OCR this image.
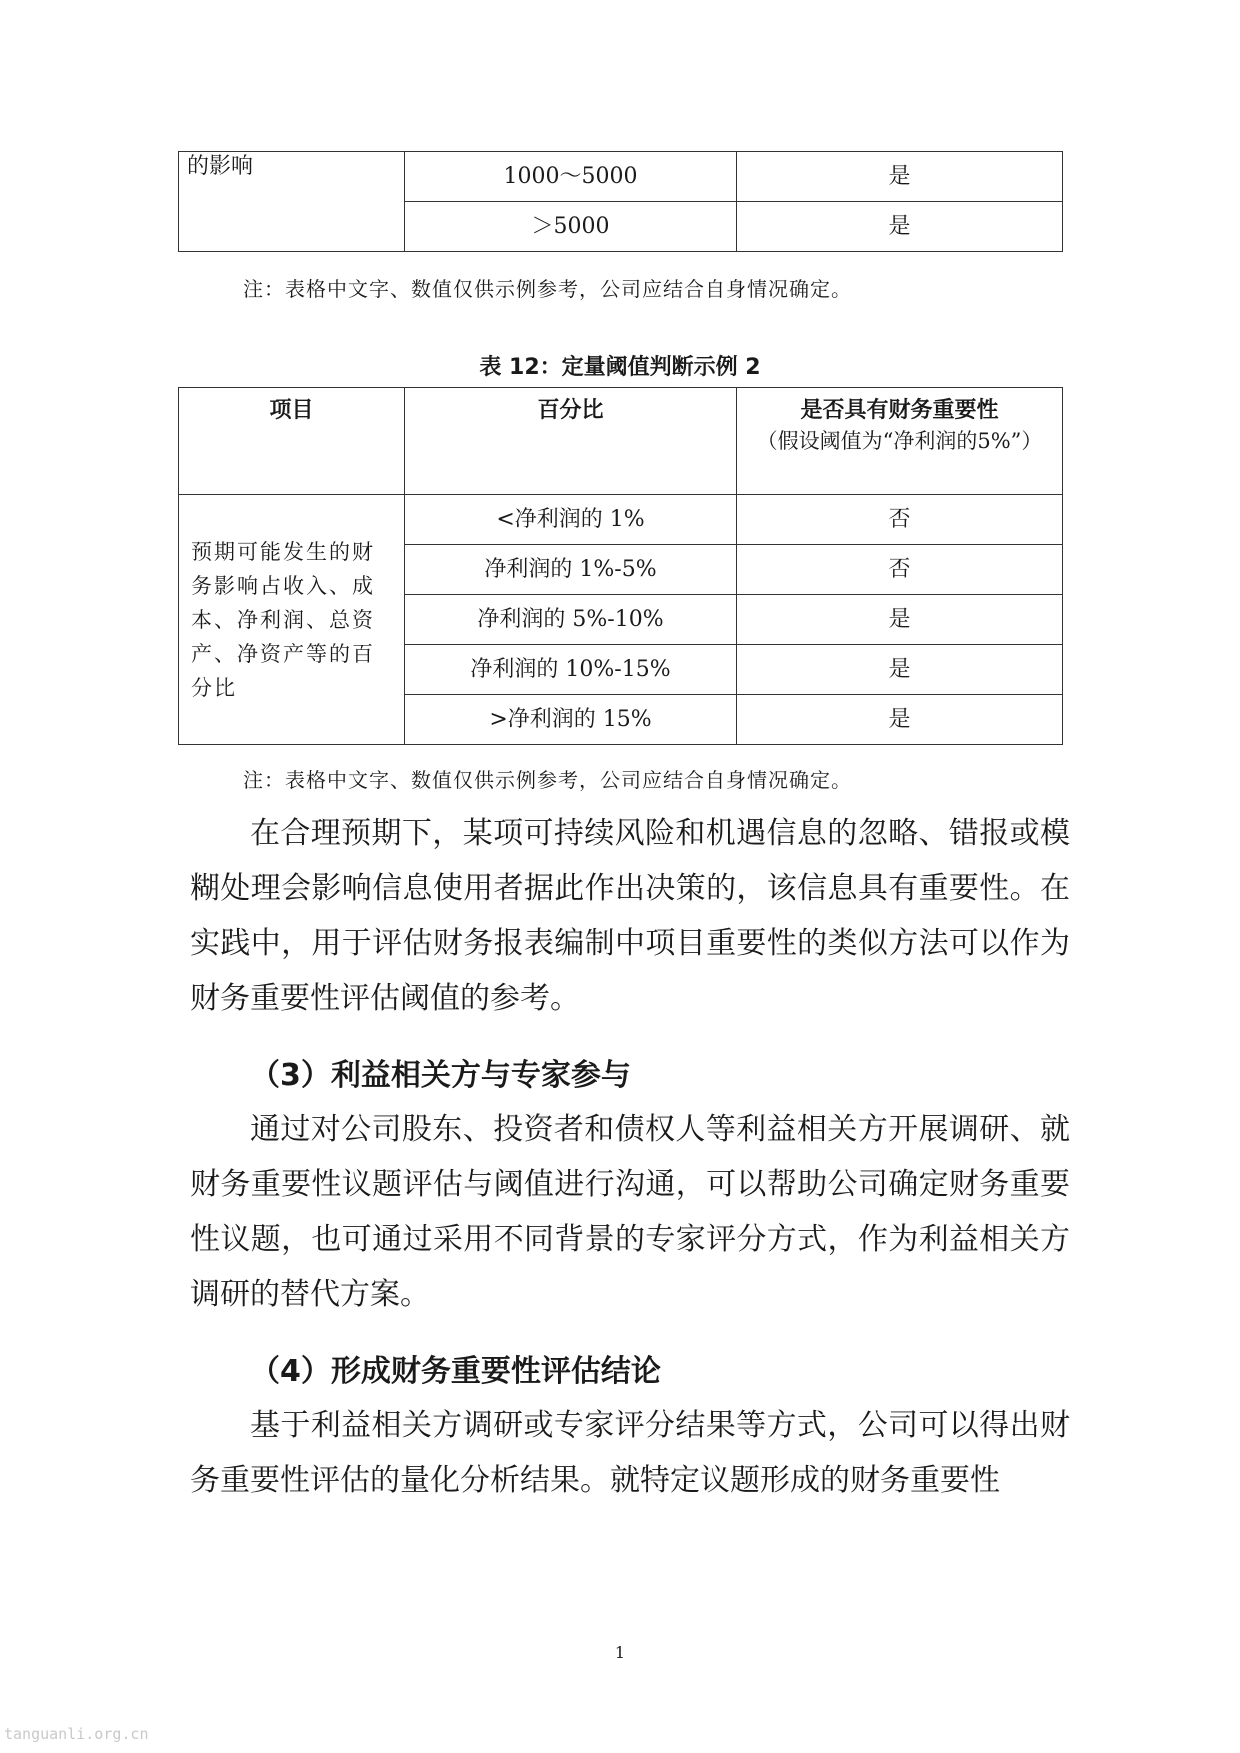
的影响	1000～5000	是
	＞5000	是
注：表格中文字、数值仅供示例参考，公司应结合自身情况确定。
表 12：定量阈值判断示例 2
项目	百分比	是否具有财务重要性
（假设阈值为“净利润的5%”）

预期可能发生的财务影响占收入、成本、净利润、总资产、净资产等的百分比	<净利润的 1%	否
	净利润的 1%-5%	否
	净利润的 5%-10%	是
	净利润的 10%-15%	是
	>净利润的 15%	是
注：表格中文字、数值仅供示例参考，公司应结合自身情况确定。

在合理预期下，某项可持续风险和机遇信息的忽略、错报或模糊处理会影响信息使用者据此作出决策的，该信息具有重要性。在实践中，用于评估财务报表编制中项目重要性的类似方法可以作为财务重要性评估阈值的参考。

（3）利益相关方与专家参与

通过对公司股东、投资者和债权人等利益相关方开展调研、就财务重要性议题评估与阈值进行沟通，可以帮助公司确定财务重要性议题，也可通过采用不同背景的专家评分方式，作为利益相关方调研的替代方案。

（4）形成财务重要性评估结论

基于利益相关方调研或专家评分结果等方式，公司可以得出财务重要性评估的量化分析结果。就特定议题形成的财务重要性

1
tanguanli.org.cn
